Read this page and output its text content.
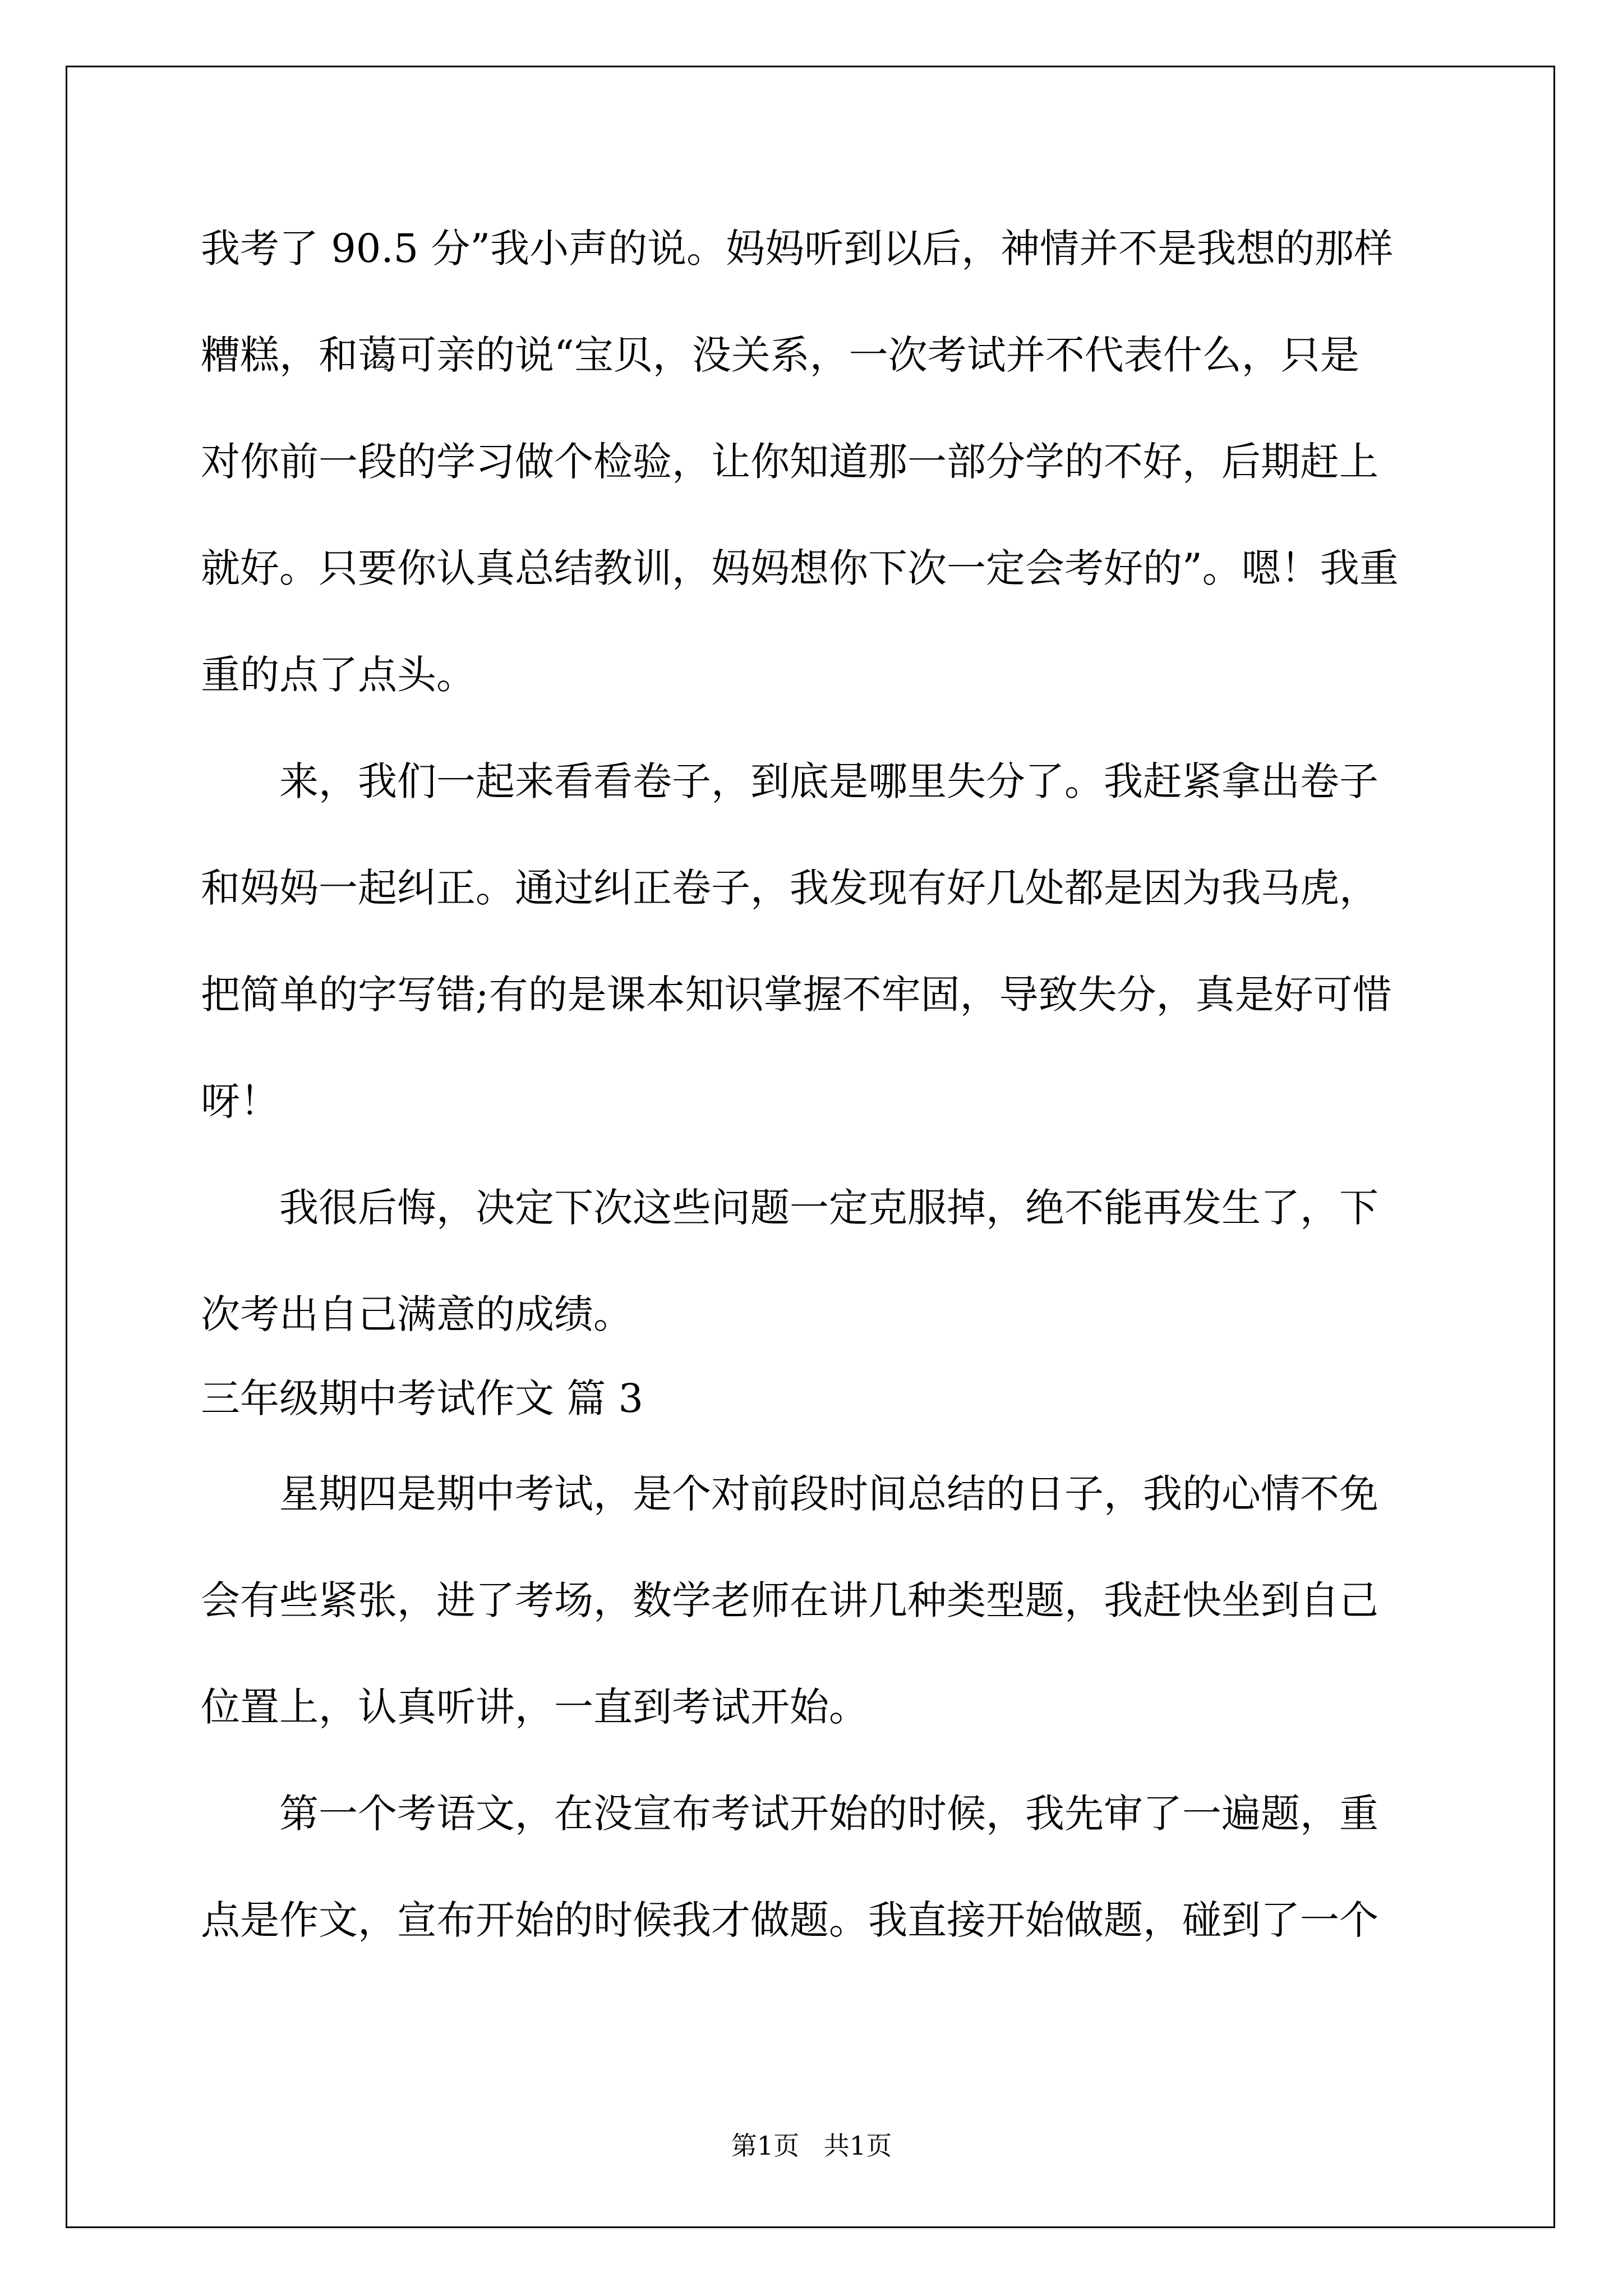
我考了 90.5 分”我小声的说。妈妈听到以后，神情并不是我想的那样
糟糕，和蔼可亲的说“宝贝，没关系，一次考试并不代表什么，只是
对你前一段的学习做个检验，让你知道那一部分学的不好，后期赶上
就好。只要你认真总结教训，妈妈想你下次一定会考好的”。嗯！我重
重的点了点头。
　　来，我们一起来看看卷子，到底是哪里失分了。我赶紧拿出卷子
和妈妈一起纠正。通过纠正卷子，我发现有好几处都是因为我马虎，
把简单的字写错;有的是课本知识掌握不牢固，导致失分，真是好可惜
呀！
　　我很后悔，决定下次这些问题一定克服掉，绝不能再发生了，下
次考出自己满意的成绩。
三年级期中考试作文 篇 3
　　星期四是期中考试，是个对前段时间总结的日子，我的心情不免
会有些紧张，进了考场，数学老师在讲几种类型题，我赶快坐到自己
位置上，认真听讲，一直到考试开始。
　　第一个考语文，在没宣布考试开始的时候，我先审了一遍题，重
点是作文，宣布开始的时候我才做题。我直接开始做题，碰到了一个
第1页   共1页
